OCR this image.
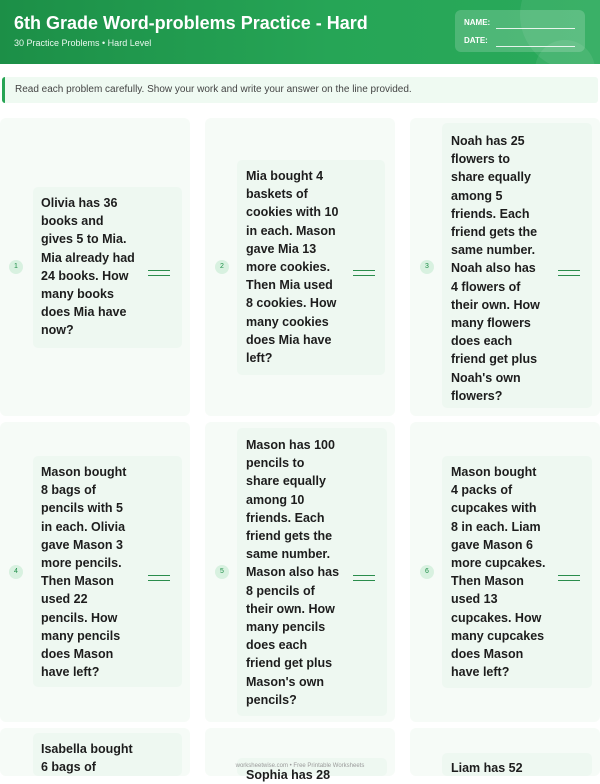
6th Grade Word-problems Practice - Hard
30 Practice Problems • Hard Level
NAME:
DATE:
Read each problem carefully. Show your work and write your answer on the line provided.
1

Olivia has 36
books and
gives 5 to Mia.
Mia already had
24 books. How
many books
does Mia have
now?

2

Mia bought 4
baskets of
cookies with 10
in each. Mason
gave Mia 13
more cookies.
Then Mia used
8 cookies. How
many cookies
does Mia have
left?

3

Noah has 25
flowers to
share equally
among 5
friends. Each
friend gets the
same number.
Noah also has
4 flowers of
their own. How
many flowers
does each
friend get plus
Noah's own
flowers?

4

Mason bought
8 bags of
pencils with 5
in each. Olivia
gave Mason 3
more pencils.
Then Mason
used 22
pencils. How
many pencils
does Mason
have left?

5

Mason has 100
pencils to
share equally
among 10
friends. Each
friend gets the
same number.
Mason also has
8 pencils of
their own. How
many pencils
does each
friend get plus
Mason's own
pencils?

6

Mason bought
4 packs of
cupcakes with
8 in each. Liam
gave Mason 6
more cupcakes.
Then Mason
used 13
cupcakes. How
many cupcakes
does Mason
have left?

Isabella bought
6 bags of

Sophia has 28	Liam has 52

worksheetwise.com • Free Printable Worksheets
